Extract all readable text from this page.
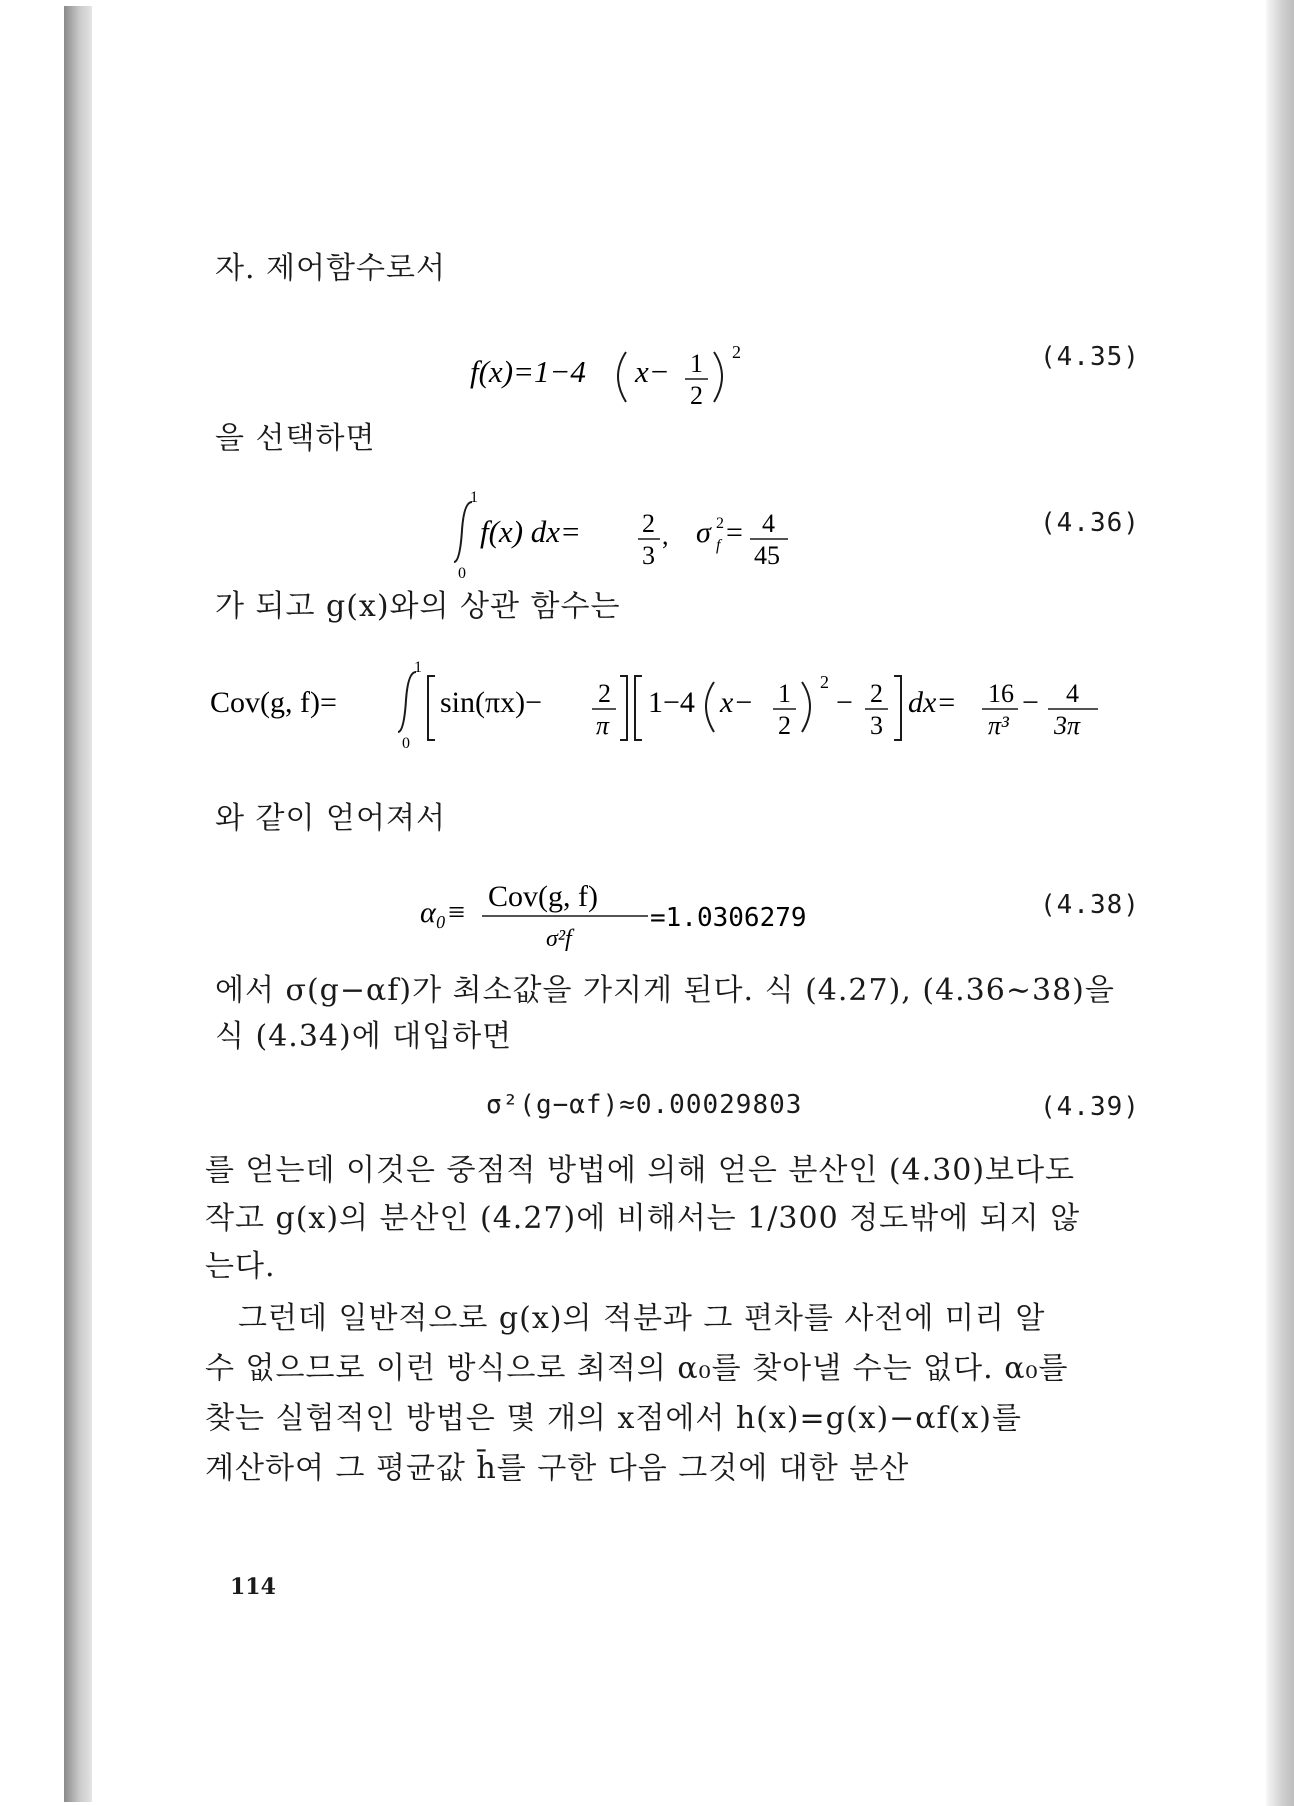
자. 제어함수로서
f(x)=1−4 x− 1
2
2	(4.35)
을 선택하면
1
0
f(x) dx= 2
3
, σ 2
f = 4
45
(4.36)
가 되고 g(x)와의 상관 함수는
Cov(g, f)=
1
0
sin(πx)− 2
π
1−4 x− 1
2
2
− 2
3
dx= 16
π³
− 4
3π
와 같이 얻어져서
α₀≡ Cov(g, f)
σ²f
=1.0306279	(4.38)
에서 σ(g−αf)가 최소값을 가지게 된다. 식 (4.27), (4.36∼38)을
식 (4.34)에 대입하면
σ²(g−αf)≈0.00029803	(4.39)
를 얻는데 이것은 중점적 방법에 의해 얻은 분산인 (4.30)보다도
작고 g(x)의 분산인 (4.27)에 비해서는 1/300 정도밖에 되지 않
는다.
그런데 일반적으로 g(x)의 적분과 그 편차를 사전에 미리 알
수 없으므로 이런 방식으로 최적의 α₀를 찾아낼 수는 없다. α₀를
찾는 실험적인 방법은 몇 개의 x점에서 h(x)=g(x)−αf(x)를
계산하여 그 평균값 h̄를 구한 다음 그것에 대한 분산
114
